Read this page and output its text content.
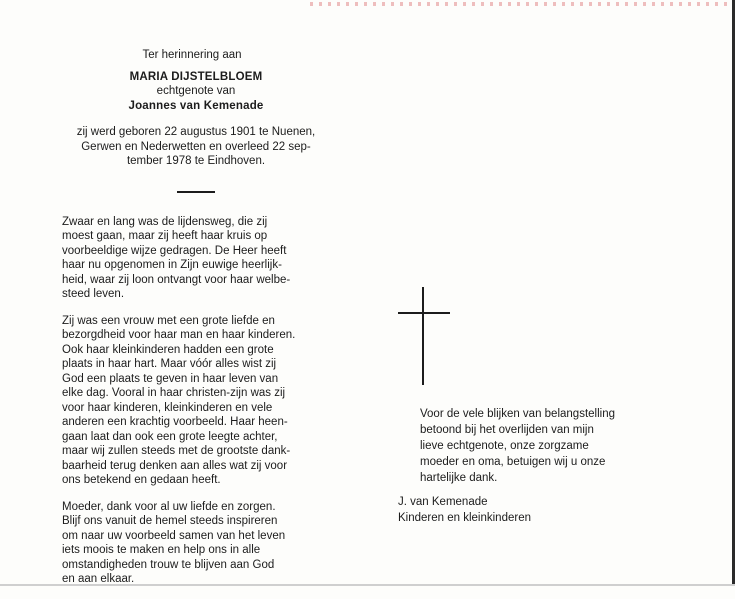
Ter herinnering aan
MARIA DIJSTELBLOEM
echtgenote van
Joannes van Kemenade
zij werd geboren 22 augustus 1901 te Nuenen,
Gerwen en Nederwetten en overleed 22 sep-
tember 1978 te Eindhoven.
Zwaar en lang was de lijdensweg, die zij
moest gaan, maar zij heeft haar kruis op
voorbeeldige wijze gedragen. De Heer heeft
haar nu opgenomen in Zijn euwige heerlijk-
heid, waar zij loon ontvangt voor haar welbe-
steed leven.
Zij was een vrouw met een grote liefde en
bezorgdheid voor haar man en haar kinderen.
Ook haar kleinkinderen hadden een grote
plaats in haar hart. Maar vóór alles wist zij
God een plaats te geven in haar leven van
elke dag. Vooral in haar christen-zijn was zij
voor haar kinderen, kleinkinderen en vele
anderen een krachtig voorbeeld. Haar heen-
gaan laat dan ook een grote leegte achter,
maar wij zullen steeds met de grootste dank-
baarheid terug denken aan alles wat zij voor
ons betekend en gedaan heeft.
Moeder, dank voor al uw liefde en zorgen.
Blijf ons vanuit de hemel steeds inspireren
om naar uw voorbeeld samen van het leven
iets moois te maken en help ons in alle
omstandigheden trouw te blijven aan God
en aan elkaar.
Voor de vele blijken van belangstelling
betoond bij het overlijden van mijn
lieve echtgenote, onze zorgzame
moeder en oma, betuigen wij u onze
hartelijke dank.
J. van Kemenade
Kinderen en kleinkinderen
